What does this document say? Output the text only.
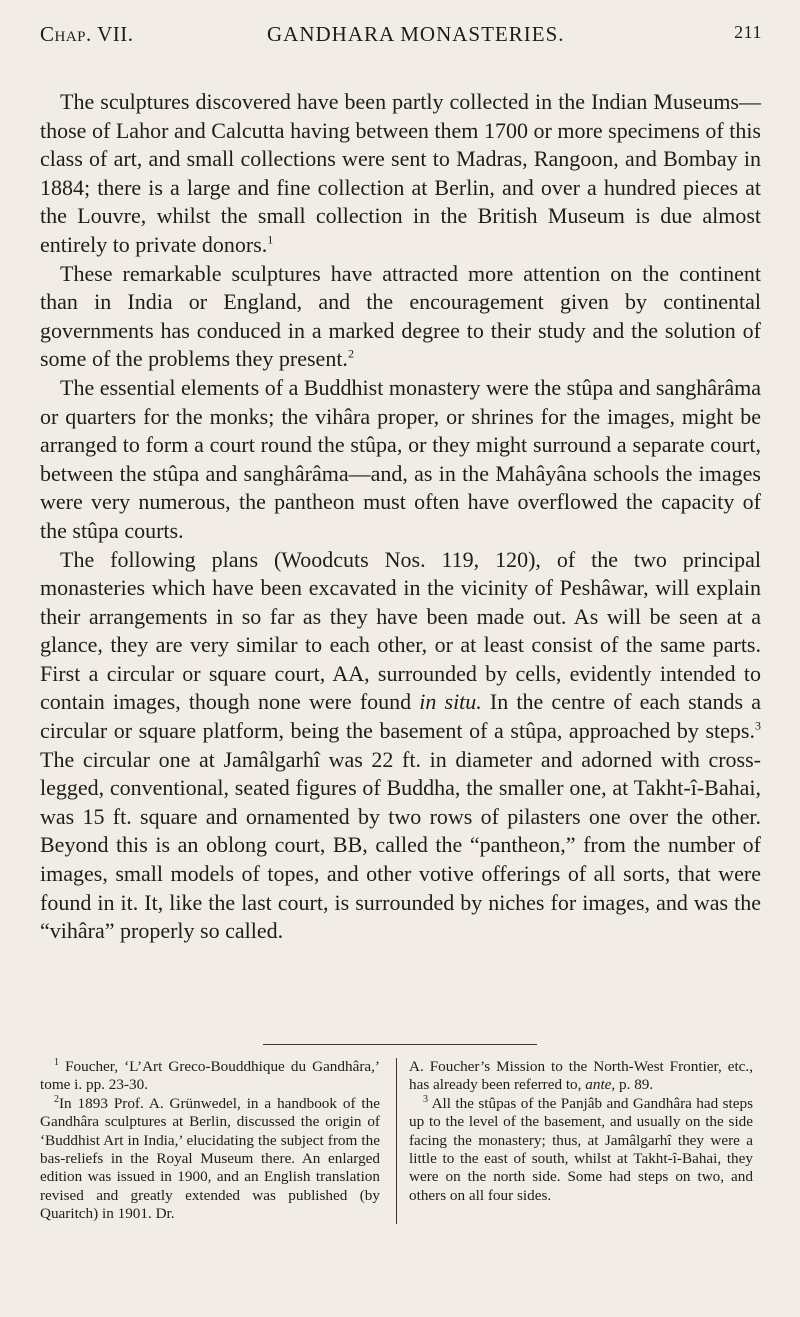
Chap. VII.	GANDHARA MONASTERIES.	211

The sculptures discovered have been partly collected in the Indian Museums—those of Lahor and Calcutta having between them 1700 or more specimens of this class of art, and small collections were sent to Madras, Rangoon, and Bombay in 1884; there is a large and fine collection at Berlin, and over a hundred pieces at the Louvre, whilst the small collection in the British Museum is due almost entirely to private donors.$^1$

These remarkable sculptures have attracted more attention on the continent than in India or England, and the encouragement given by continental governments has conduced in a marked degree to their study and the solution of some of the problems they present.$^2$

The essential elements of a Buddhist monastery were the stûpa and sanghârâma or quarters for the monks; the vihâra proper, or shrines for the images, might be arranged to form a court round the stûpa, or they might surround a separate court, between the stûpa and sanghârâma—and, as in the Mahâyâna schools the images were very numerous, the pantheon must often have overflowed the capacity of the stûpa courts.

The following plans (Woodcuts Nos. 119, 120), of the two principal monasteries which have been excavated in the vicinity of Peshâwar, will explain their arrangements in so far as they have been made out. As will be seen at a glance, they are very similar to each other, or at least consist of the same parts. First a circular or square court, AA, surrounded by cells, evidently intended to contain images, though none were found in situ. In the centre of each stands a circular or square platform, being the basement of a stûpa, approached by steps.$^3$ The circular one at Jamâlgarhî was 22 ft. in diameter and adorned with cross-legged, conventional, seated figures of Buddha, the smaller one, at Takht-î-Bahai, was 15 ft. square and ornamented by two rows of pilasters one over the other. Beyond this is an oblong court, BB, called the “pantheon,” from the number of images, small models of topes, and other votive offerings of all sorts, that were found in it. It, like the last court, is surrounded by niches for images, and was the “vihâra” properly so called.

$^1$ Foucher, ‘L’Art Greco-Bouddhique du Gandhâra,’ tome i. pp. 23-30.

$^2$In 1893 Prof. A. Grünwedel, in a handbook of the Gandhâra sculptures at Berlin, discussed the origin of ‘Buddhist Art in India,’ elucidating the subject from the bas-reliefs in the Royal Museum there. An enlarged edition was issued in 1900, and an English translation revised and greatly extended was published (by Quaritch) in 1901. Dr.

A. Foucher’s Mission to the North-West Frontier, etc., has already been referred to, ante, p. 89.

$^3$ All the stûpas of the Panjâb and Gandhâra had steps up to the level of the basement, and usually on the side facing the monastery; thus, at Jamâlgarhî they were a little to the east of south, whilst at Takht-î-Bahai, they were on the north side. Some had steps on two, and others on all four sides.
